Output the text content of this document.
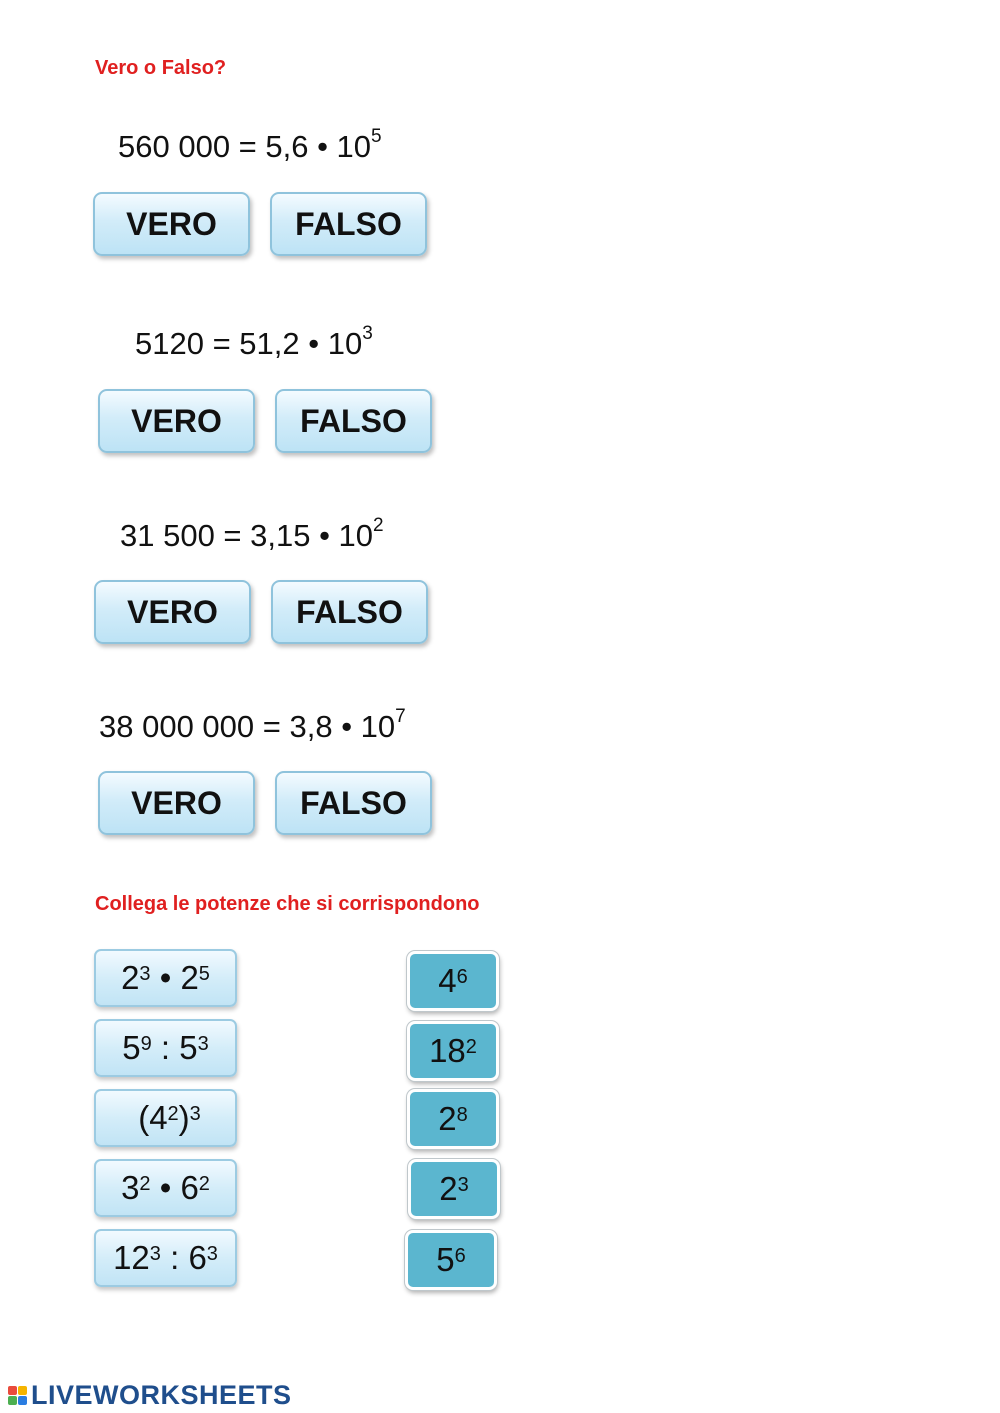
Vero o Falso?
560 000 = 5,6 • $10^5$
VERO	FALSO
5120 = 51,2 • $10^3$
VERO	FALSO
31 500 = 3,15 • $10^2$
VERO	FALSO
38 000 000 = 3,8 • $10^7$
VERO	FALSO
Collega le potenze che si corrispondono
$2^3$ • $2^5$
$5^9$ : $5^3$
($4^2$ )$^3$
$3^2$ • $6^2$
$12^3$ : $6^3$
$4^6$
$18^2$
$2^8$
$2^3$
$5^6$
LIVEWORKSHEETS
